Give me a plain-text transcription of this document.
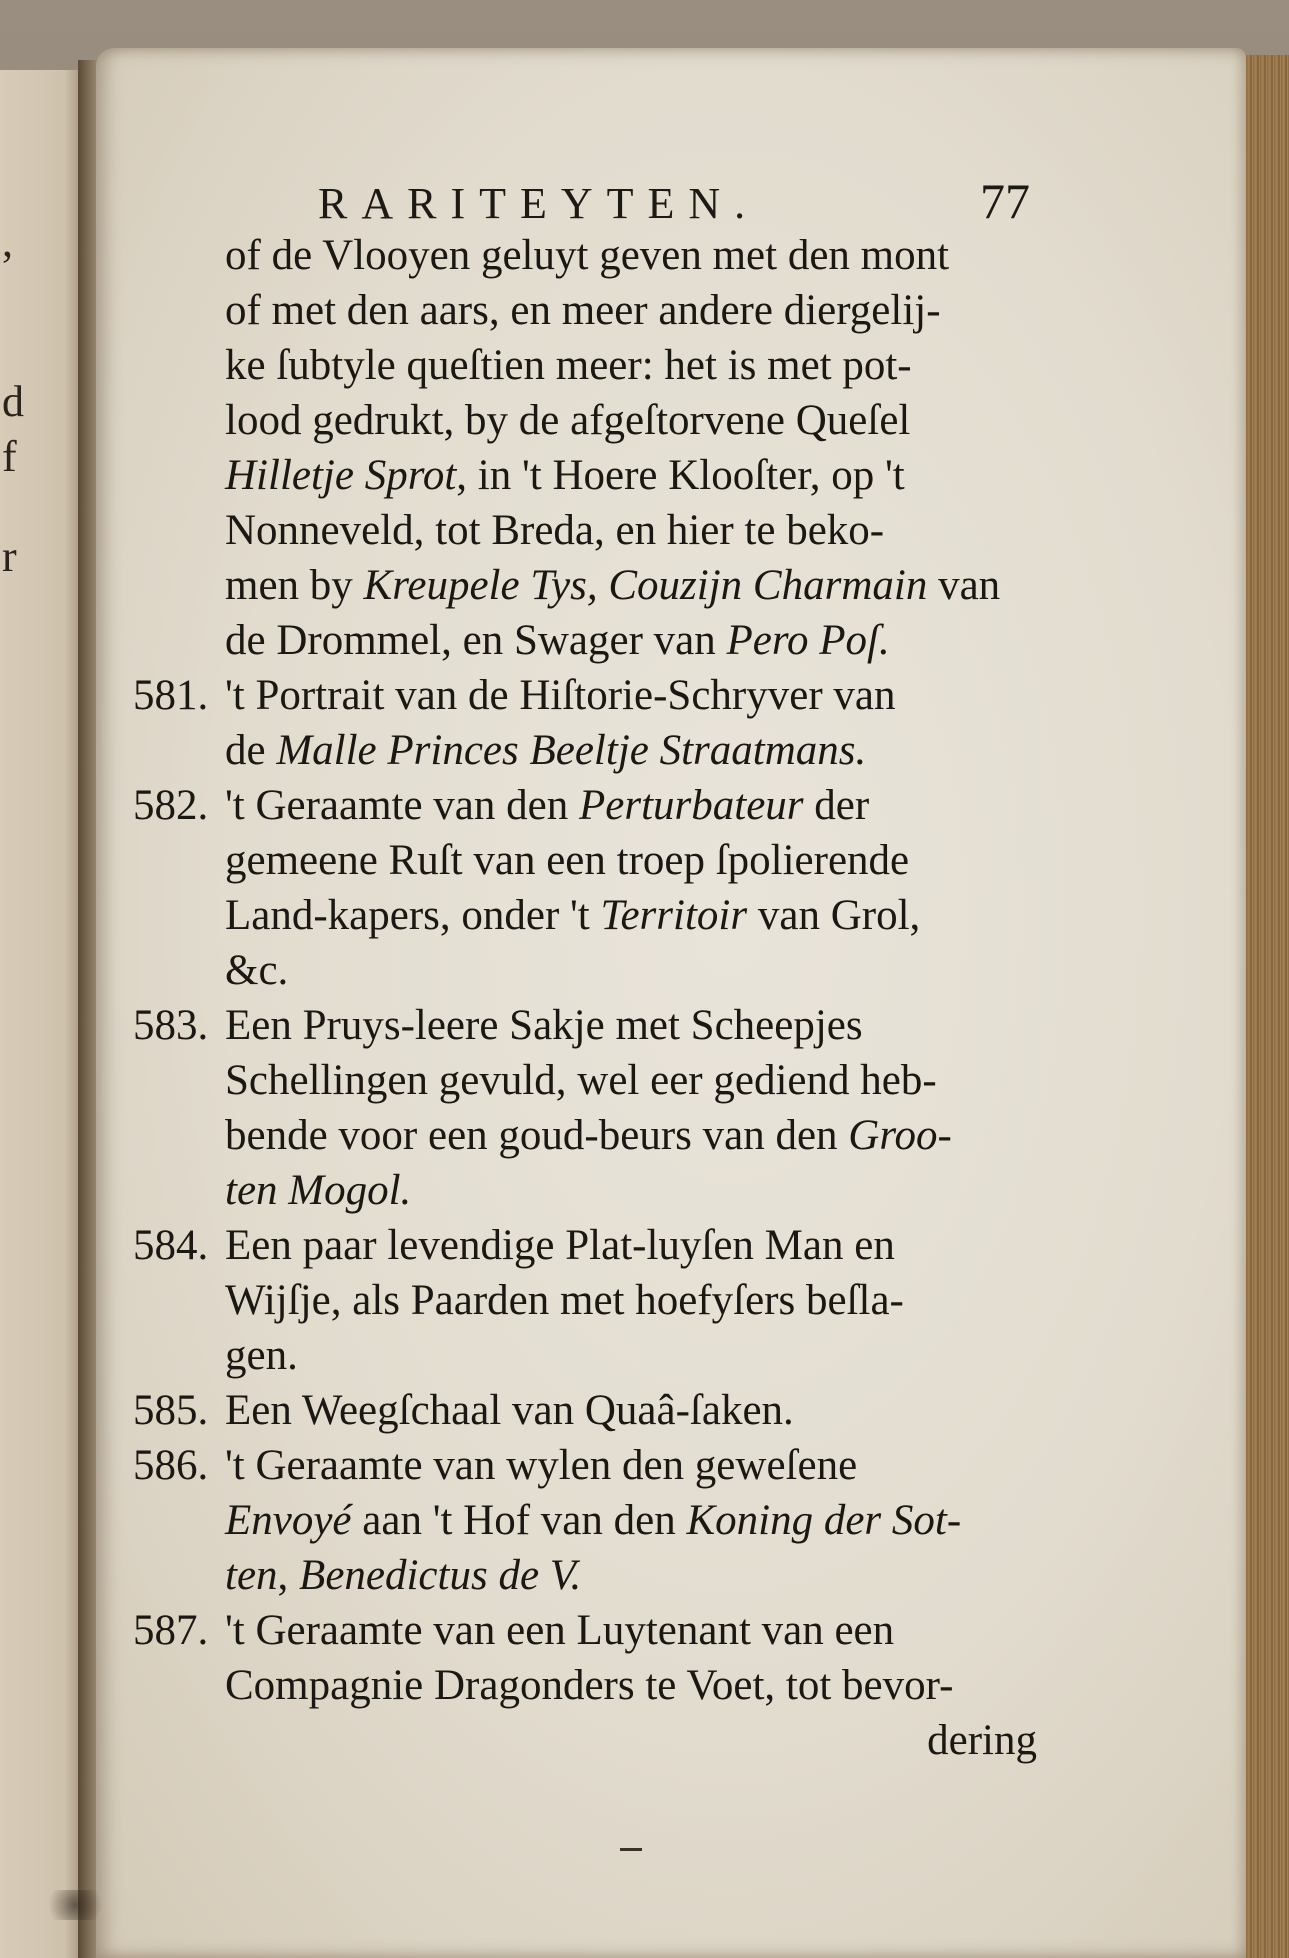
,
d
f
r
RARITEYTEN.	77
of de Vlooyen geluyt geven met den mont
of met den aars, en meer andere diergelij-
ke ſubtyle queſtien meer: het is met pot-
lood gedrukt, by de afgeſtorvene Queſel
Hilletje Sprot, in 't Hoere Klooſter, op 't
Nonneveld, tot Breda, en hier te beko-
men by Kreupele Tys, Couzijn Charmain van
de Drommel, en Swager van Pero Poſ.
581. 't Portrait van de Hiſtorie-Schryver van
de Malle Princes Beeltje Straatmans.
582. 't Geraamte van den Perturbateur der
gemeene Ruſt van een troep ſpolierende
Land-kapers, onder 't Territoir van Grol,
&c.
583. Een Pruys-leere Sakje met Scheepjes
Schellingen gevuld, wel eer gediend heb-
bende voor een goud-beurs van den Groo-
ten Mogol.
584. Een paar levendige Plat-luyſen Man en
Wijſje, als Paarden met hoefyſers beſla-
gen.
585. Een Weegſchaal van Quaâ-ſaken.
586. 't Geraamte van wylen den geweſene
Envoyé aan 't Hof van den Koning der Sot-
ten, Benedictus de V.
587. 't Geraamte van een Luytenant van een
Compagnie Dragonders te Voet, tot bevor-
dering
